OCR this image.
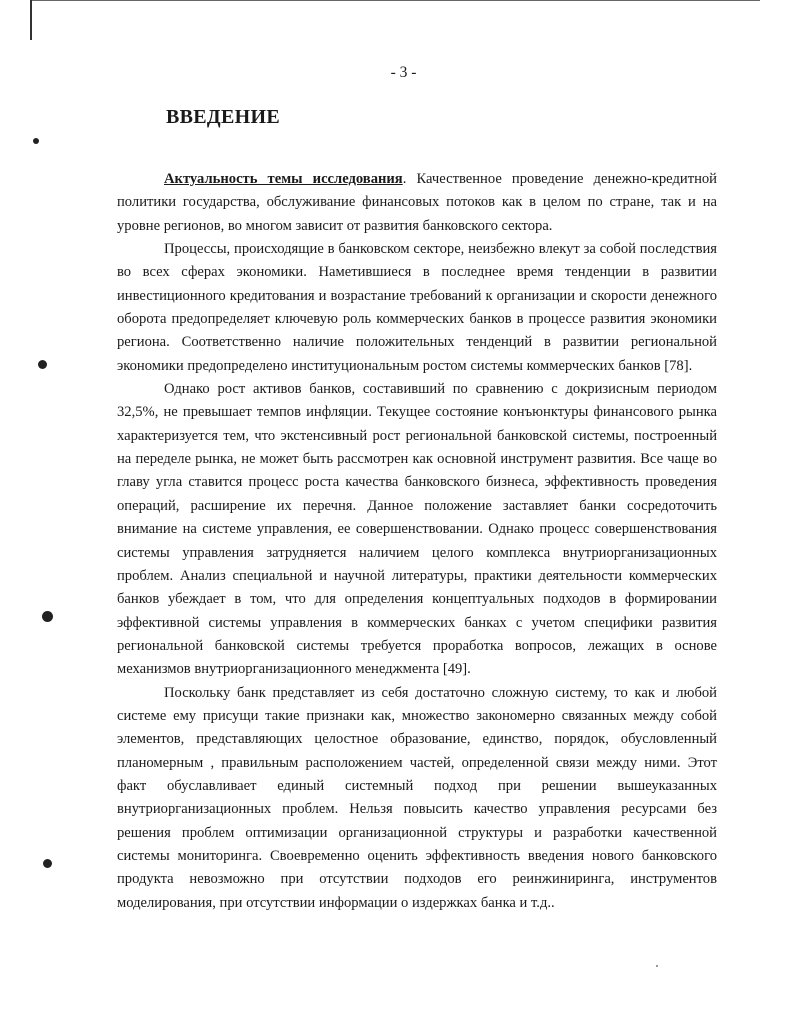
- 3 -
ВВЕДЕНИЕ

Актуальность темы исследования. Качественное проведение денежно-кредитной политики государства, обслуживание финансовых потоков как в целом по стране, так и на уровне регионов, во многом зависит от развития банковского сектора.

Процессы, происходящие в банковском секторе, неизбежно влекут за собой последствия во всех сферах экономики. Наметившиеся в последнее время тенденции в развитии инвестиционного кредитования и возрастание требований к организации и скорости денежного оборота предопределяет ключевую роль коммерческих банков в процессе развития экономики региона. Соответственно наличие положительных тенденций в развитии региональной экономики предопределено институциональным ростом системы коммерческих банков [78].

Однако рост активов банков, составивший по сравнению с докризисным периодом 32,5%, не превышает темпов инфляции. Текущее состояние конъюнктуры финансового рынка характеризуется тем, что экстенсивный рост региональной банковской системы, построенный на переделе рынка, не может быть рассмотрен как основной инструмент развития. Все чаще во главу угла ставится процесс роста качества банковского бизнеса, эффективность проведения операций, расширение их перечня. Данное положение заставляет банки сосредоточить внимание на системе управления, ее совершенствовании. Однако процесс совершенствования системы управления затрудняется наличием целого комплекса внутриорганизационных проблем. Анализ специальной и научной литературы, практики деятельности коммерческих банков убеждает в том, что для определения концептуальных подходов в формировании эффективной системы управления в коммерческих банках с учетом специфики развития региональной банковской системы требуется проработка вопросов, лежащих в основе механизмов внутриорганизационного менеджмента [49].

Поскольку банк представляет из себя достаточно сложную систему, то как и любой системе ему присущи такие признаки как, множество закономерно связанных между собой элементов, представляющих целостное образование, единство, порядок, обусловленный планомерным , правильным расположением частей, определенной связи между ними. Этот факт обуславливает единый системный подход при решении вышеуказанных внутриорганизационных проблем. Нельзя повысить качество управления ресурсами без решения проблем оптимизации организационной структуры и разработки качественной системы мониторинга. Своевременно оценить эффективность введения нового банковского продукта невозможно при отсутствии подходов его реинжиниринга, инструментов моделирования, при отсутствии информации о издержках банка и т.д..
